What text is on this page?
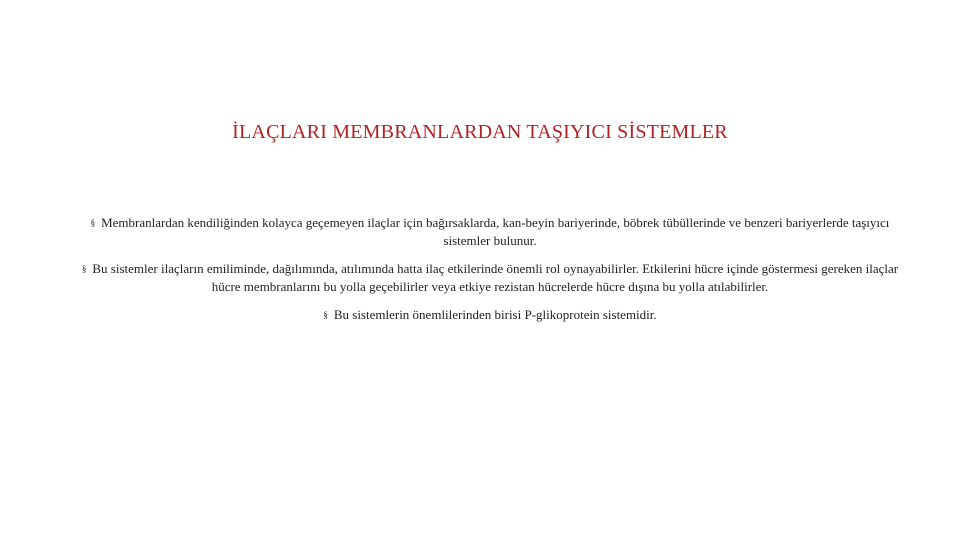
İLAÇLARI MEMBRANLARDAN TAŞIYICI SİSTEMLER
§ Membranlardan kendiliğinden kolayca geçemeyen ilaçlar için bağırsaklarda, kan-beyin bariyerinde, böbrek tübüllerinde ve benzeri bariyerlerde taşıyıcı sistemler bulunur.
§ Bu sistemler ilaçların emiliminde, dağılımında, atılımında hatta ilaç etkilerinde önemli rol oynayabilirler. Etkilerini hücre içinde göstermesi gereken ilaçlar hücre membranlarını bu yolla geçebilirler veya etkiye rezistan hücrelerde hücre dışına bu yolla atılabilirler.
§ Bu sistemlerin önemlilerinden birisi P-glikoprotein sistemidir.
